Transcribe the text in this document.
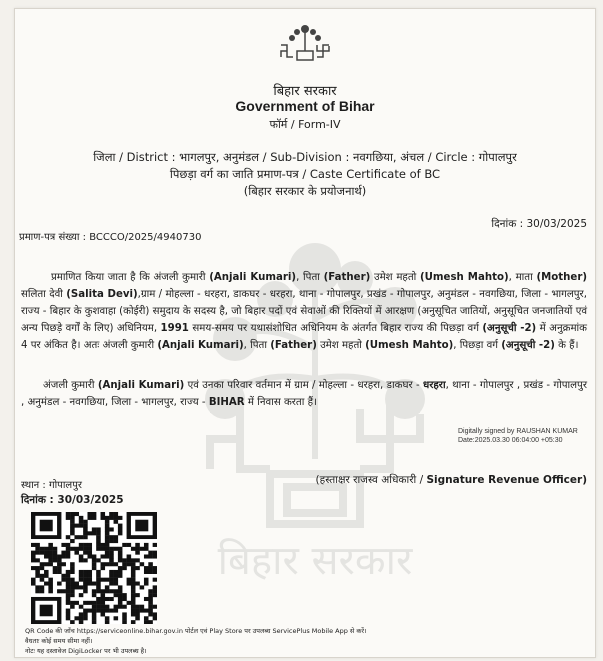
बिहार सरकार
बिहार सरकार
Government of Bihar
फॉर्म / Form-IV
जिला / District : भागलपुर, अनुमंडल / Sub-Division : नवगछिया, अंचल / Circle : गोपालपुर
पिछड़ा वर्ग का जाति प्रमाण-पत्र / Caste Certificate of BC
(बिहार सरकार के प्रयोजनार्थ)
दिनांक : 30/03/2025
प्रमाण-पत्र संख्या : BCCCO/2025/4940730
प्रमाणित किया जाता है कि अंजली कुमारी (Anjali Kumari), पिता (Father) उमेश महतो (Umesh Mahto), माता (Mother) सलिता देवी (Salita Devi),ग्राम / मोहल्ला - धरहरा, डाकघर - धरहरा, थाना - गोपालपुर, प्रखंड - गोपालपुर, अनुमंडल - नवगछिया, जिला - भागलपुर, राज्य - बिहार के कुशवाहा (कोईरी) समुदाय के सदस्य है, जो बिहार पदों एवं सेवाओं की रिक्तियों में आरक्षण (अनुसूचित जातियों, अनुसूचित जनजातियों एवं अन्य पिछड़े वर्गों के लिए) अधिनियम, 1991 समय-समय पर यथासंशोधित अधिनियम के अंतर्गत बिहार राज्य की पिछड़ा वर्ग (अनुसूची -2) में अनुक्रमांक 4 पर अंकित है। अतः अंजली कुमारी (Anjali Kumari), पिता (Father) उमेश महतो (Umesh Mahto), पिछड़ा वर्ग (अनुसूची -2) के हैं।
अंजली कुमारी (Anjali Kumari) एवं उनका परिवार वर्तमान में ग्राम / मोहल्ला - धरहरा, डाकघर - धरहरा, थाना - गोपालपुर , प्रखंड - गोपालपुर , अनुमंडल - नवगछिया, जिला - भागलपुर, राज्य - BIHAR में निवास करता हैं।
Digitally signed by RAUSHAN KUMAR
Date:2025.03.30 06:04:00 +05:30
(हस्ताक्षर राजस्व अधिकारी / Signature Revenue Officer)
स्थान : गोपालपुर
दिनांक : 30/03/2025
QR Code की जाँच https://serviceonline.bihar.gov.in पोर्टल एवं Play Store पर उपलब्ध ServicePlus Mobile App से करें।
वैधताः कोई समय सीमा नहीं।
नोटः यह दस्तावेज DigiLocker पर भी उपलब्ध है।
